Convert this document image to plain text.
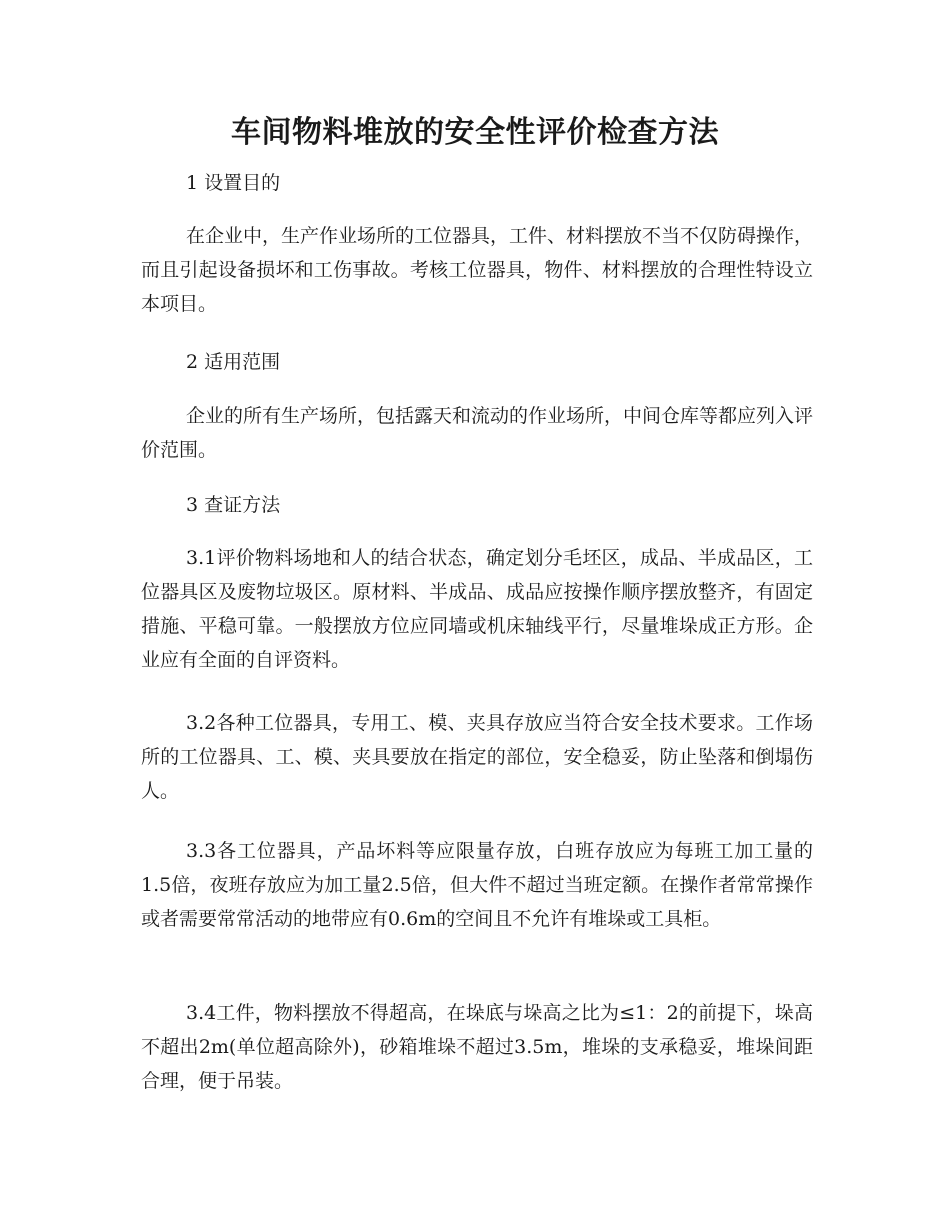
车间物料堆放的安全性评价检查方法

1 设置目的

在企业中，生产作业场所的工位器具，工件、材料摆放不当不仅防碍操作，而且引起设备损坏和工伤事故。考核工位器具，物件、材料摆放的合理性特设立本项目。

2 适用范围

企业的所有生产场所，包括露天和流动的作业场所，中间仓库等都应列入评价范围。

3 查证方法

3.1评价物料场地和人的结合状态，确定划分毛坯区，成品、半成品区，工位器具区及废物垃圾区。原材料、半成品、成品应按操作顺序摆放整齐，有固定措施、平稳可靠。一般摆放方位应同墙或机床轴线平行，尽量堆垛成正方形。企业应有全面的自评资料。

3.2各种工位器具，专用工、模、夹具存放应当符合安全技术要求。工作场所的工位器具、工、模、夹具要放在指定的部位，安全稳妥，防止坠落和倒塌伤人。

3.3各工位器具，产品坏料等应限量存放，白班存放应为每班工加工量的1.5倍，夜班存放应为加工量2.5倍，但大件不超过当班定额。在操作者常常操作或者需要常常活动的地带应有0.6m的空间且不允许有堆垛或工具柜。

3.4工件，物料摆放不得超高，在垛底与垛高之比为≤1：2的前提下，垛高不超出2m(单位超高除外)，砂箱堆垛不超过3.5m，堆垛的支承稳妥，堆垛间距合理，便于吊装。
